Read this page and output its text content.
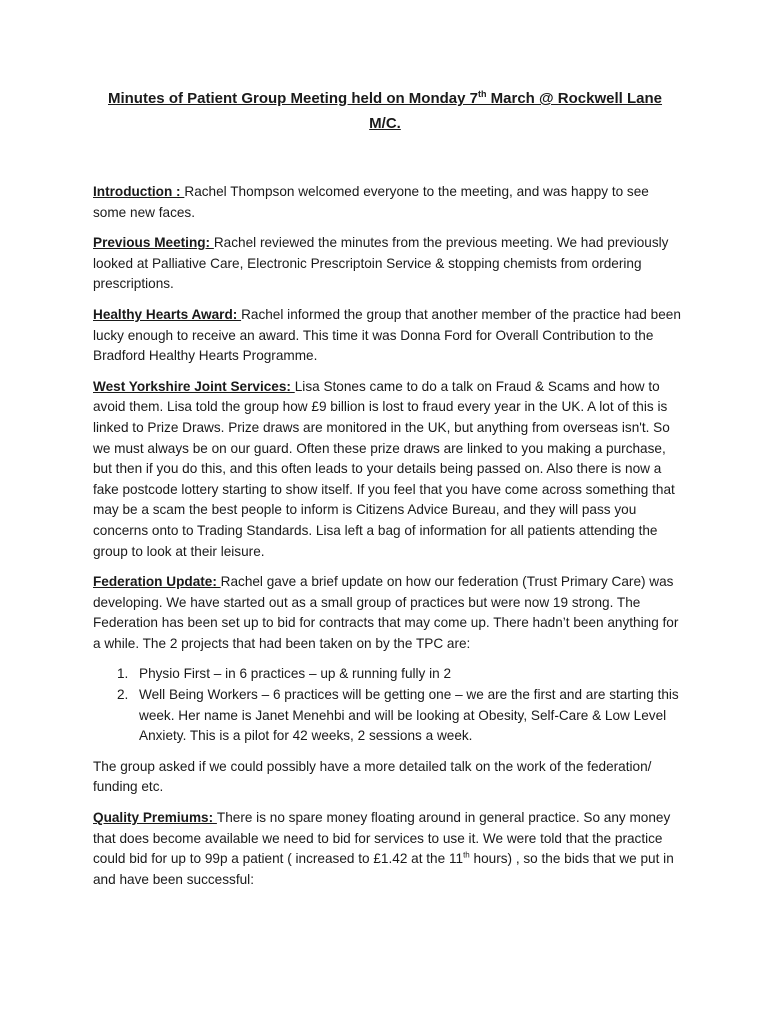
Minutes of Patient Group Meeting held on Monday 7th March @ Rockwell Lane M/C.

Introduction : Rachel Thompson welcomed everyone to the meeting, and was happy to see some new faces.

Previous Meeting: Rachel reviewed the minutes from the previous meeting. We had previously looked at Palliative Care, Electronic Prescriptoin Service & stopping chemists from ordering prescriptions.

Healthy Hearts Award: Rachel informed the group that another member of the practice had been lucky enough to receive an award. This time it was Donna Ford for Overall Contribution to the Bradford Healthy Hearts Programme.

West Yorkshire Joint Services: Lisa Stones came to do a talk on Fraud & Scams and how to avoid them. Lisa told the group how £9 billion is lost to fraud every year in the UK. A lot of this is linked to Prize Draws. Prize draws are monitored in the UK, but anything from overseas isn't. So we must always be on our guard. Often these prize draws are linked to you making a purchase, but then if you do this, and this often leads to your details being passed on. Also there is now a fake postcode lottery starting to show itself. If you feel that you have come across something that may be a scam the best people to inform is Citizens Advice Bureau, and they will pass you concerns onto to Trading Standards. Lisa left a bag of information for all patients attending the group to look at their leisure.

Federation Update: Rachel gave a brief update on how our federation (Trust Primary Care) was developing. We have started out as a small group of practices but were now 19 strong. The Federation has been set up to bid for contracts that may come up. There hadn’t been anything for a while. The 2 projects that had been taken on by the TPC are:

1. Physio First – in 6 practices – up & running fully in 2
2. Well Being Workers – 6 practices will be getting one – we are the first and are starting this week. Her name is Janet Menehbi and will be looking at Obesity, Self-Care & Low Level Anxiety. This is a pilot for 42 weeks, 2 sessions a week.

The group asked if we could possibly have a more detailed talk on the work of the federation/ funding etc.

Quality Premiums: There is no spare money floating around in general practice. So any money that does become available we need to bid for services to use it. We were told that the practice could bid for up to 99p a patient ( increased to £1.42 at the 11th hours) , so the bids that we put in and have been successful:
